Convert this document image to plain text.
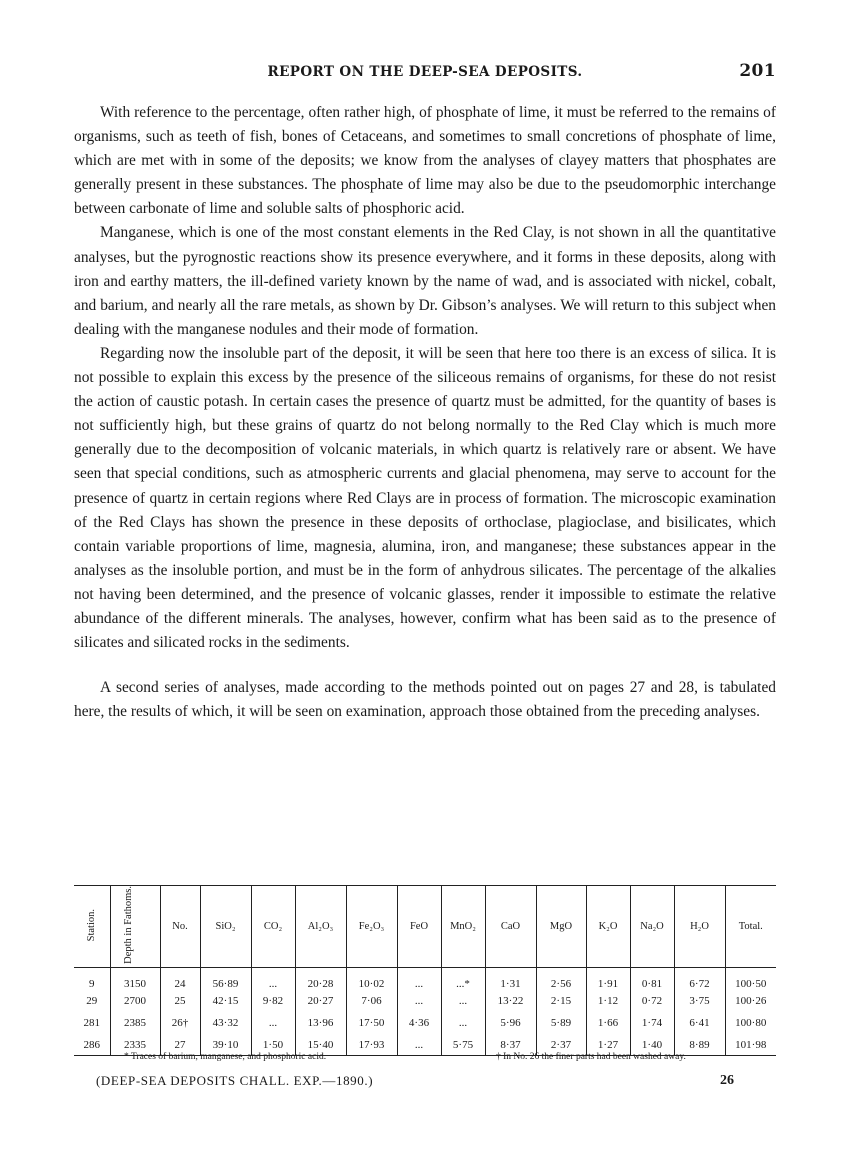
REPORT ON THE DEEP-SEA DEPOSITS.	201

With reference to the percentage, often rather high, of phosphate of lime, it must be referred to the remains of organisms, such as teeth of fish, bones of Cetaceans, and sometimes to small concretions of phosphate of lime, which are met with in some of the deposits; we know from the analyses of clayey matters that phosphates are generally present in these substances. The phosphate of lime may also be due to the pseudomorphic interchange between carbonate of lime and soluble salts of phosphoric acid.

Manganese, which is one of the most constant elements in the Red Clay, is not shown in all the quantitative analyses, but the pyrognostic reactions show its presence everywhere, and it forms in these deposits, along with iron and earthy matters, the ill-defined variety known by the name of wad, and is associated with nickel, cobalt, and barium, and nearly all the rare metals, as shown by Dr. Gibson’s analyses. We will return to this subject when dealing with the manganese nodules and their mode of formation.

Regarding now the insoluble part of the deposit, it will be seen that here too there is an excess of silica. It is not possible to explain this excess by the presence of the siliceous remains of organisms, for these do not resist the action of caustic potash. In certain cases the presence of quartz must be admitted, for the quantity of bases is not sufficiently high, but these grains of quartz do not belong normally to the Red Clay which is much more generally due to the decomposition of volcanic materials, in which quartz is relatively rare or absent. We have seen that special conditions, such as atmospheric currents and glacial phenomena, may serve to account for the presence of quartz in certain regions where Red Clays are in process of formation. The microscopic examination of the Red Clays has shown the presence in these deposits of orthoclase, plagioclase, and bisilicates, which contain variable proportions of lime, magnesia, alumina, iron, and manganese; these substances appear in the analyses as the insoluble portion, and must be in the form of anhydrous silicates. The percentage of the alkalies not having been determined, and the presence of volcanic glasses, render it impossible to estimate the relative abundance of the different minerals. The analyses, however, confirm what has been said as to the presence of silicates and silicated rocks in the sediments.

A second series of analyses, made according to the methods pointed out on pages 27 and 28, is tabulated here, the results of which, it will be seen on examination, approach those obtained from the preceding analyses.

Station.	Depth in Fathoms.	No.	SiO₂	CO₂	Al₂O₃	Fe₂O₃	FeO	MnO₂	CaO	MgO	K₂O	Na₂O	H₂O	Total.
9	3150	24	56·89	...	20·28	10·02	...	...*	1·31	2·56	1·91	0·81	6·72	100·50
29	2700	25	42·15	9·82	20·27	7·06	...	...	13·22	2·15	1·12	0·72	3·75	100·26
281	2385	26†	43·32	...	13·96	17·50	4·36	...	5·96	5·89	1·66	1·74	6·41	100·80
286	2335	27	39·10	1·50	15·40	17·93	...	5·75	8·37	2·37	1·27	1·40	8·89	101·98
* Traces of barium, manganese, and phosphoric acid.	† In No. 26 the finer parts had been washed away.
(DEEP-SEA DEPOSITS CHALL. EXP.—1890.)	26
